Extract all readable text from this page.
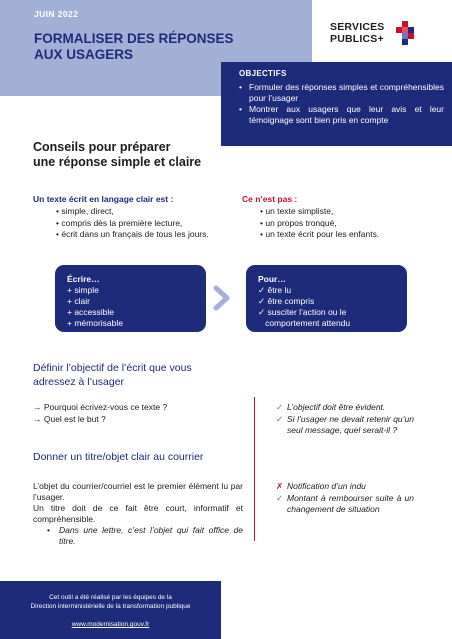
JUIN 2022
FORMALISER DES RÉPONSES
AUX USAGERS
SERVICES
PUBLICS+
OBJECTIFS
• Formuler des réponses simples et compréhensibles pour l’usager
• Montrer aux usagers que leur avis et leur témoignage sont bien pris en compte
Conseils pour préparer
une réponse simple et claire
Un texte écrit en langage clair est :
• simple, direct,
• compris dès la première lecture,
• écrit dans un français de tous les jours.
Ce n’est pas :
• un texte simpliste,
• un propos tronqué,
• un texte écrit pour les enfants.
Écrire…
+ simple
+ clair
+ accessible
+ mémorisable
Pour…
✓ être lu
✓ être compris
✓ susciter l’action ou le
comportement attendu
Définir l’objectif de l’écrit que vous
adressez à l’usager
→ Pourquoi écrivez-vous ce texte ?
→ Quel est le but ?
✓ L’objectif doit être évident.
✓ Si l’usager ne devait retenir qu’un seul message, quel serait-il ?
Donner un titre/objet clair au courrier
L’objet du courrier/courriel est le premier élément lu par l’usager.
Un titre doit de ce fait être court, informatif et compréhensible.
•	Dans une lettre, c’est l’objet qui fait office de titre.
✗ Notification d’un indu
✓ Montant à rembourser suite à un changement de situation
Cet outil a été réalisé par les équipes de la
Direction interministérielle de la transformation publique
www.modernisation.gouv.fr
